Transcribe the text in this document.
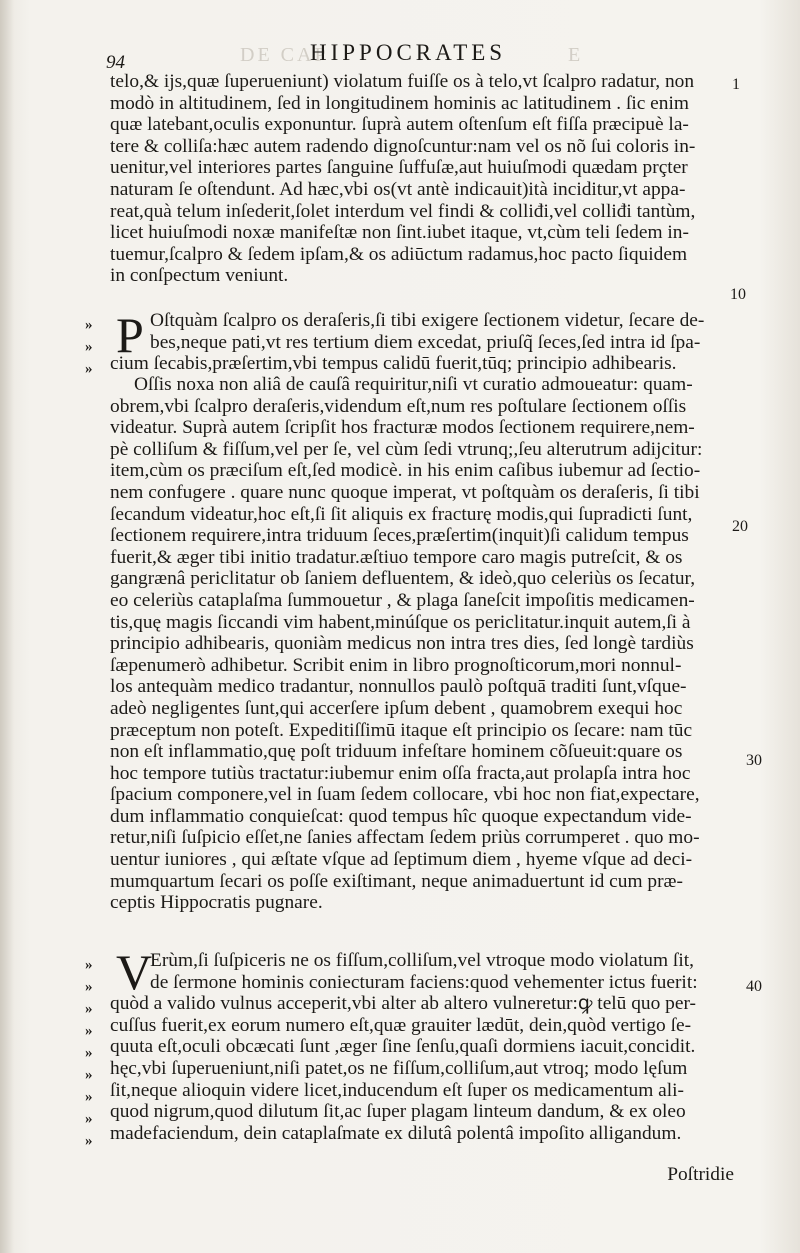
DE CAP	E
94	HIPPOCRATES
1
10
20
30
40
telo,& ijs,quæ ſuperueniunt) violatum fuiſſe os à telo,vt ſcalpro radatur, non
modò in altitudinem, ſed in longitudinem hominis ac latitudinem . ſic enim
quæ latebant,oculis exponuntur. ſuprà autem oſtenſum eſt fiſſa præcipuè la-
tere & colliſa:hæc autem radendo dignoſcuntur:nam vel os nõ ſui coloris in-
uenitur,vel interiores partes ſanguine ſuffuſæ,aut huiuſmodi quædam prçter
naturam ſe oſtendunt. Ad hæc,vbi os(vt antè indicauit)ità inciditur,vt appa-
reat,quà telum inſederit,ſolet interdum vel findi & colliđi,vel colliđi tantùm,
licet huiuſmodi noxæ manifeſtæ non ſint.iubet itaque, vt,cùm teli ſedem in-
tuemur,ſcalpro & ſedem ipſam,& os adiūctum radamus,hoc pacto ſiquidem
in conſpectum veniunt.
»
»
»
P Oſtquàm ſcalpro os deraſeris,ſi tibi exigere ſectionem videtur, ſecare de-
bes,neque pati,vt res tertium diem excedat, priuſq̃ ſeces,ſed intra id ſpa-
cium ſecabis,præſertim,vbi tempus calidū fuerit,tūq; principio adhibearis.
Oſſis noxa non aliâ de cauſâ requiritur,niſi vt curatio admoueatur: quam-
obrem,vbi ſcalpro deraſeris,videndum eſt,num res poſtulare ſectionem oſſis
videatur. Suprà autem ſcripſit hos fracturæ modos ſectionem requirere,nem-
pè colliſum & fiſſum,vel per ſe, vel cùm ſedi vtrunq;,ſeu alterutrum adijcitur:
item,cùm os præciſum eſt,ſed modicè. in his enim caſibus iubemur ad ſectio-
nem confugere . quare nunc quoque imperat, vt poſtquàm os deraſeris, ſi tibi
ſecandum videatur,hoc eſt,ſi ſit aliquis ex fracturę modis,qui ſupradicti ſunt,
ſectionem requirere,intra triduum ſeces,præſertim(inquit)ſi calidum tempus
fuerit,& æger tibi initio tradatur.æſtiuo tempore caro magis putreſcit, & os
gangrænâ periclitatur ob ſaniem defluentem, & ideò,quo celeriùs os ſecatur,
eo celeriùs cataplaſma ſummouetur , & plaga ſaneſcit impoſitis medicamen-
tis,quę magis ſiccandi vim habent,minúſque os periclitatur.inquit autem,ſi à
principio adhibearis, quoniàm medicus non intra tres dies, ſed longè tardiùs
ſæpenumerò adhibetur. Scribit enim in libro prognoſticorum,mori nonnul-
los antequàm medico tradantur, nonnullos paulò poſtquā traditi ſunt,vſque-
adeò negligentes ſunt,qui accerſere ipſum debent , quamobrem exequi hoc
præceptum non poteſt. Expeditiſſimū itaque eſt principio os ſecare: nam tūc
non eſt inflammatio,quę poſt triduum infeſtare hominem cõſueuit:quare os
hoc tempore tutiùs tractatur:iubemur enim oſſa fracta,aut prolapſa intra hoc
ſpacium componere,vel in ſuam ſedem collocare, vbi hoc non fiat,expectare,
dum inflammatio conquieſcat: quod tempus hîc quoque expectandum vide-
retur,niſi ſuſpicio eſſet,ne ſanies affectam ſedem priùs corrumperet . quo mo-
uentur iuniores , qui æſtate vſque ad ſeptimum diem , hyeme vſque ad deci-
mumquartum ſecari os poſſe exiſtimant, neque animaduertunt id cum præ-
ceptis Hippocratis pugnare.
»
»
»
»
»
»
»
»
»
V
Erùm,ſi ſuſpiceris ne os fiſſum,colliſum,vel vtroque modo violatum ſit,
de ſermone hominis coniecturam faciens:quod vehementer ictus fuerit:
quòd a valido vulnus acceperit,vbi alter ab altero vulneretur:ꝙ telū quo per-
cuſſus fuerit,ex eorum numero eſt,quæ grauiter lædūt, dein,quòd vertigo ſe-
quuta eſt,oculi obcæcati ſunt ,æger ſine ſenſu,quaſi dormiens iacuit,concidit.
hęc,vbi ſuperueniunt,niſi patet,os ne fiſſum,colliſum,aut vtroq; modo lęſum
ſit,neque alioquin videre licet,inducendum eſt ſuper os medicamentum ali-
quod nigrum,quod dilutum ſit,ac ſuper plagam linteum dandum, & ex oleo
madefaciendum, dein cataplaſmate ex dilutâ polentâ impoſito alligandum.
Poſtridie
